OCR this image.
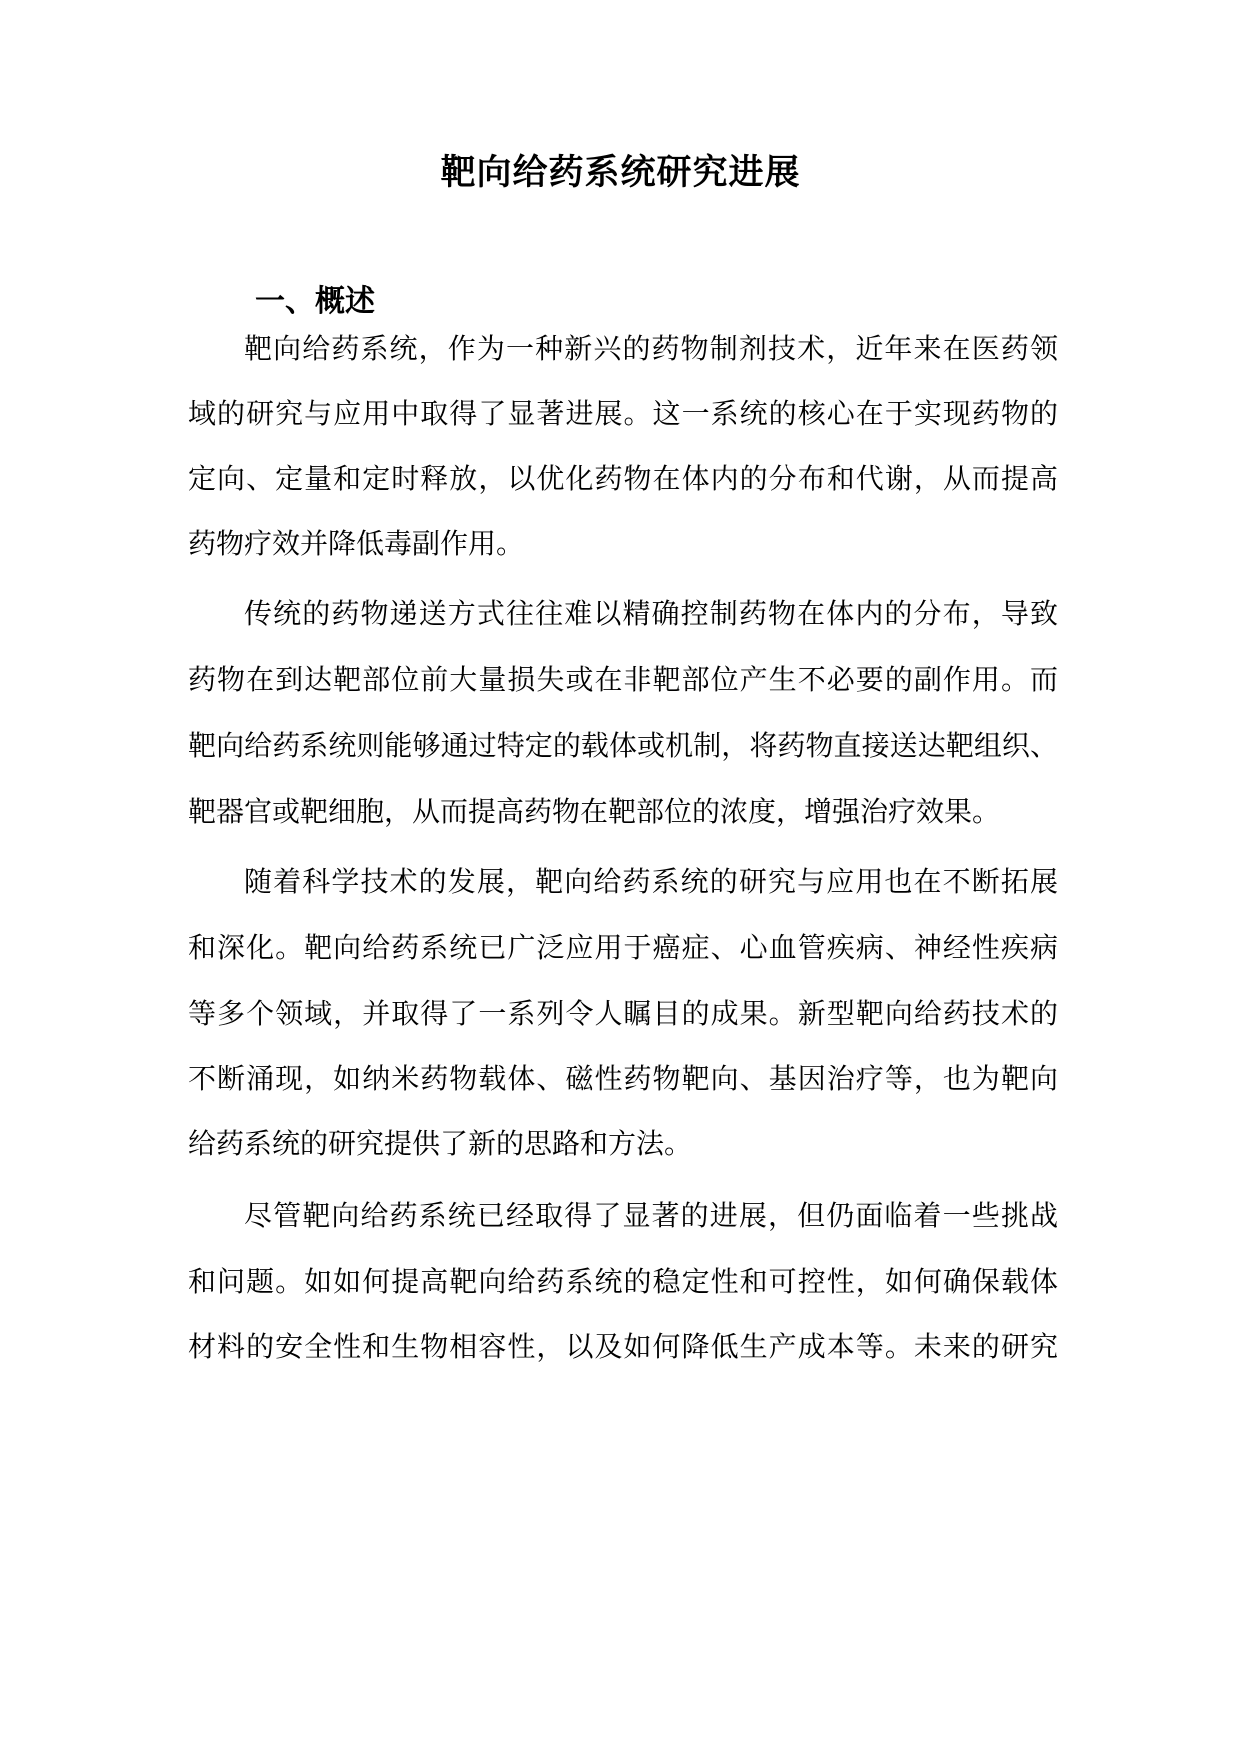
靶向给药系统研究进展
一、概述
靶向给药系统，作为一种新兴的药物制剂技术，近年来在医药领
域的研究与应用中取得了显著进展。这一系统的核心在于实现药物的
定向、定量和定时释放，以优化药物在体内的分布和代谢，从而提高
药物疗效并降低毒副作用。
传统的药物递送方式往往难以精确控制药物在体内的分布，导致
药物在到达靶部位前大量损失或在非靶部位产生不必要的副作用。而
靶向给药系统则能够通过特定的载体或机制，将药物直接送达靶组织、
靶器官或靶细胞，从而提高药物在靶部位的浓度，增强治疗效果。
随着科学技术的发展，靶向给药系统的研究与应用也在不断拓展
和深化。靶向给药系统已广泛应用于癌症、心血管疾病、神经性疾病
等多个领域，并取得了一系列令人瞩目的成果。新型靶向给药技术的
不断涌现，如纳米药物载体、磁性药物靶向、基因治疗等，也为靶向
给药系统的研究提供了新的思路和方法。
尽管靶向给药系统已经取得了显著的进展，但仍面临着一些挑战
和问题。如如何提高靶向给药系统的稳定性和可控性，如何确保载体
材料的安全性和生物相容性，以及如何降低生产成本等。未来的研究
